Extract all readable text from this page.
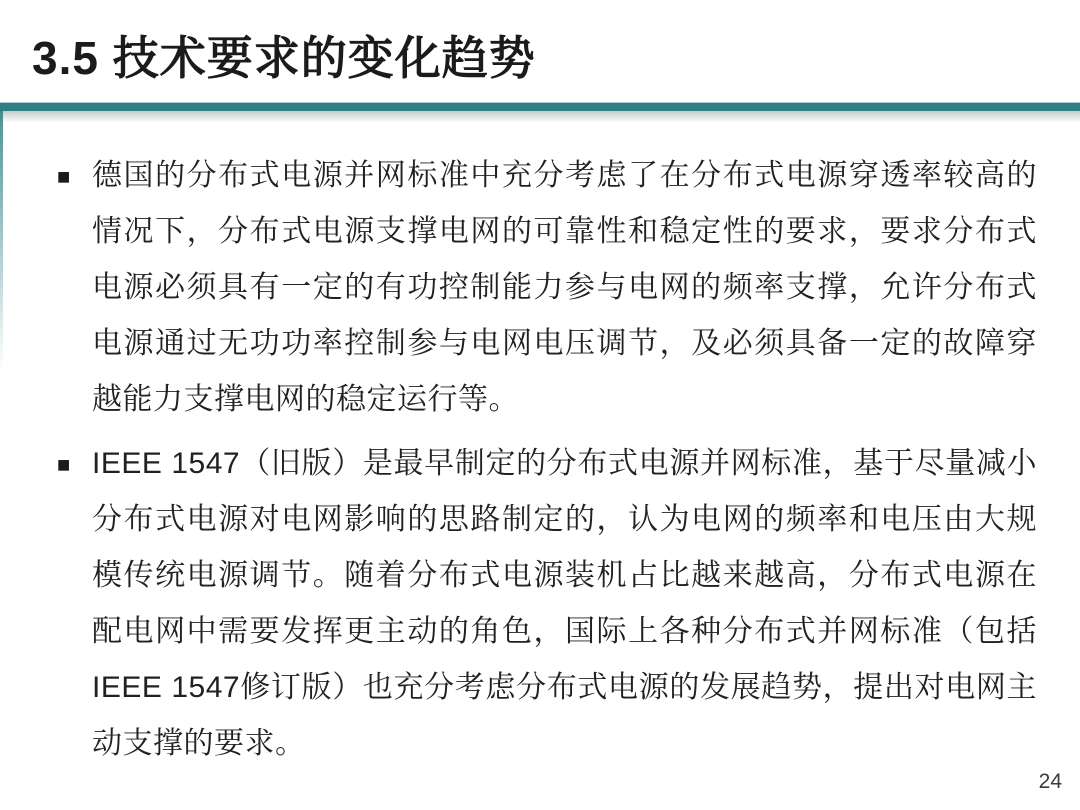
3.5 技术要求的变化趋势
■ 德国的分布式电源并网标准中充分考虑了在分布式电源穿透率较高的情况下，分布式电源支撑电网的可靠性和稳定性的要求，要求分布式电源必须具有一定的有功控制能力参与电网的频率支撑，允许分布式电源通过无功功率控制参与电网电压调节，及必须具备一定的故障穿越能力支撑电网的稳定运行等。
■ IEEE 1547（旧版）是最早制定的分布式电源并网标准，基于尽量减小分布式电源对电网影响的思路制定的，认为电网的频率和电压由大规模传统电源调节。随着分布式电源装机占比越来越高，分布式电源在配电网中需要发挥更主动的角色，国际上各种分布式并网标准（包括IEEE 1547修订版）也充分考虑分布式电源的发展趋势，提出对电网主动支撑的要求。
24
